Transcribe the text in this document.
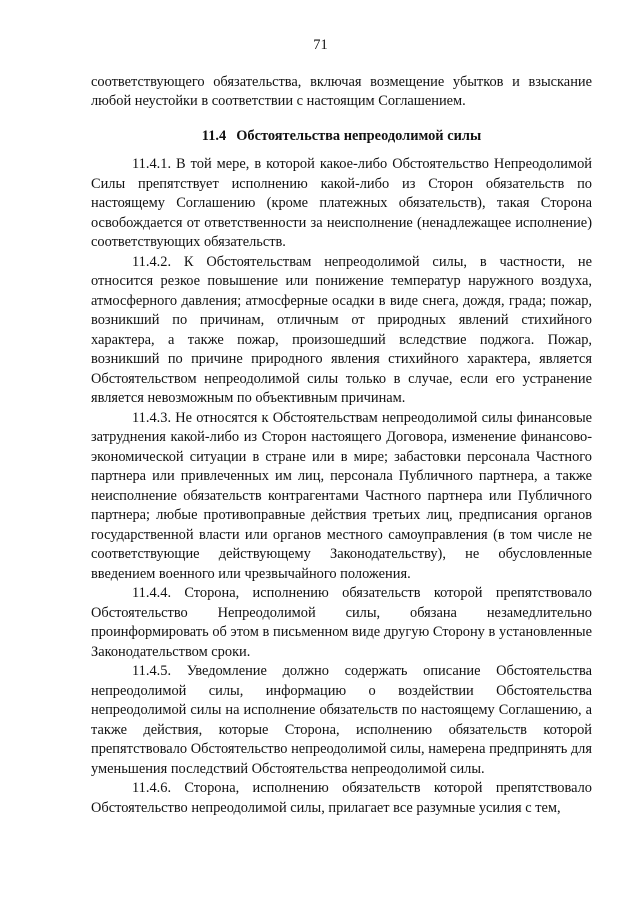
71

соответствующего обязательства, включая возмещение убытков и взыскание любой неустойки в соответствии с настоящим Соглашением.

11.4 Обстоятельства непреодолимой силы

11.4.1. В той мере, в которой какое-либо Обстоятельство Непреодолимой Силы препятствует исполнению какой-либо из Сторон обязательств по настоящему Соглашению (кроме платежных обязательств), такая Сторона освобождается от ответственности за неисполнение (ненадлежащее исполнение) соответствующих обязательств.

11.4.2. К Обстоятельствам непреодолимой силы, в частности, не относится резкое повышение или понижение температур наружного воздуха, атмосферного давления; атмосферные осадки в виде снега, дождя, града; пожар, возникший по причинам, отличным от природных явлений стихийного характера, а также пожар, произошедший вследствие поджога. Пожар, возникший по причине природного явления стихийного характера, является Обстоятельством непреодолимой силы только в случае, если его устранение является невозможным по объективным причинам.

11.4.3. Не относятся к Обстоятельствам непреодолимой силы финансовые затруднения какой-либо из Сторон настоящего Договора, изменение финансово-экономической ситуации в стране или в мире; забастовки персонала Частного партнера или привлеченных им лиц, персонала Публичного партнера, а также неисполнение обязательств контрагентами Частного партнера или Публичного партнера; любые противоправные действия третьих лиц, предписания органов государственной власти или органов местного самоуправления (в том числе не соответствующие действующему Законодательству), не обусловленные введением военного или чрезвычайного положения.

11.4.4. Сторона, исполнению обязательств которой препятствовало Обстоятельство Непреодолимой силы, обязана незамедлительно проинформировать об этом в письменном виде другую Сторону в установленные Законодательством сроки.

11.4.5. Уведомление должно содержать описание Обстоятельства непреодолимой силы, информацию о воздействии Обстоятельства непреодолимой силы на исполнение обязательств по настоящему Соглашению, а также действия, которые Сторона, исполнению обязательств которой препятствовало Обстоятельство непреодолимой силы, намерена предпринять для уменьшения последствий Обстоятельства непреодолимой силы.

11.4.6. Сторона, исполнению обязательств которой препятствовало Обстоятельство непреодолимой силы, прилагает все разумные усилия с тем,
